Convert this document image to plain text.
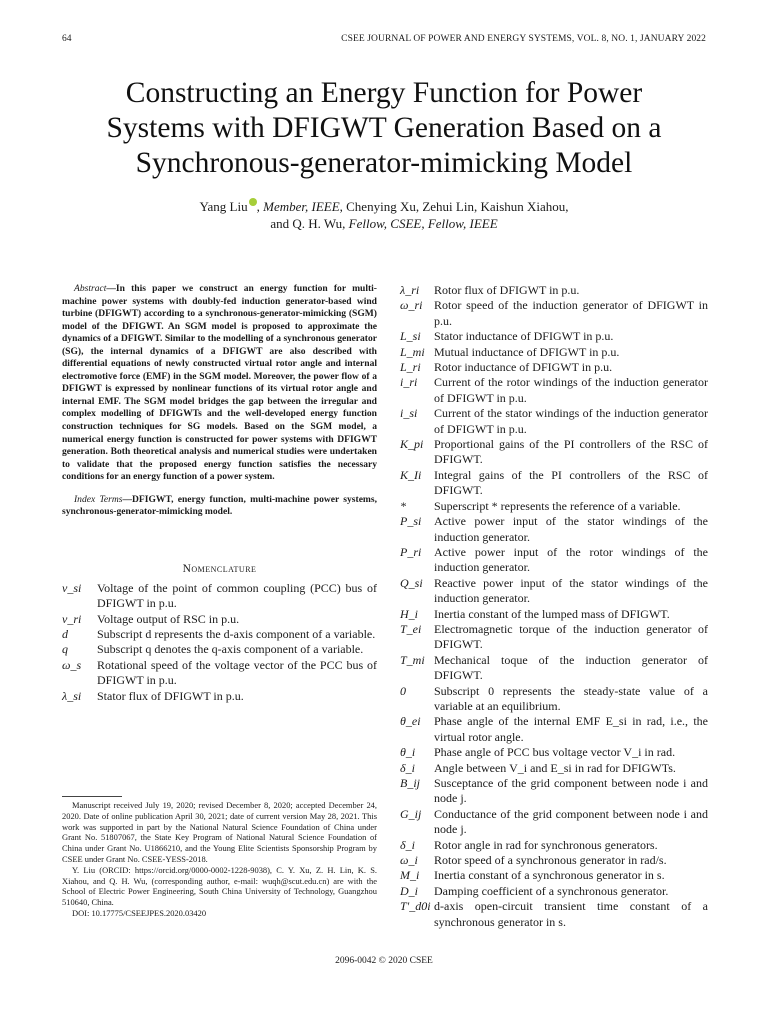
64	CSEE JOURNAL OF POWER AND ENERGY SYSTEMS, VOL. 8, NO. 1, JANUARY 2022
Constructing an Energy Function for Power
Systems with DFIGWT Generation Based on a
Synchronous-generator-mimicking Model
Yang Liu , Member, IEEE, Chenying Xu, Zehui Lin, Kaishun Xiahou,
and Q. H. Wu, Fellow, CSEE, Fellow, IEEE

Abstract—In this paper we construct an energy function for multi-machine power systems with doubly-fed induction generator-based wind turbine (DFIGWT) according to a synchronous-generator-mimicking (SGM) model of the DFIGWT. An SGM model is proposed to approximate the dynamics of a DFIGWT. Similar to the modelling of a synchronous generator (SG), the internal dynamics of a DFIGWT are also described with differential equations of newly constructed virtual rotor angle and internal electromotive force (EMF) in the SGM model. Moreover, the power flow of a DFIGWT is expressed by nonlinear functions of its virtual rotor angle and internal EMF. The SGM model bridges the gap between the irregular and complex modelling of DFIGWTs and the well-developed energy function construction techniques for SG models. Based on the SGM model, a numerical energy function is constructed for power systems with DFIGWT generation. Both theoretical analysis and numerical studies were undertaken to validate that the proposed energy function satisfies the necessary conditions for an energy function of a power system.

Index Terms—DFIGWT, energy function, multi-machine power systems, synchronous-generator-mimicking model.

Nomenclature
v_si	Voltage of the point of common coupling (PCC) bus of DFIGWT in p.u.
v_ri	Voltage output of RSC in p.u.
d	Subscript d represents the d-axis component of a variable.
q	Subscript q denotes the q-axis component of a variable.
ω_s	Rotational speed of the voltage vector of the PCC bus of DFIGWT in p.u.
λ_si	Stator flux of DFIGWT in p.u.
λ_ri	Rotor flux of DFIGWT in p.u.
ω_ri Rotor speed of the induction generator of DFIGWT in p.u.
L_si	Stator inductance of DFIGWT in p.u.
L_mi Mutual inductance of DFIGWT in p.u.
L_ri	Rotor inductance of DFIGWT in p.u.
i_ri	Current of the rotor windings of the induction generator of DFIGWT in p.u.
i_si	Current of the stator windings of the induction generator of DFIGWT in p.u.
K_pi Proportional gains of the PI controllers of the RSC of DFIGWT.
K_Ii	Integral gains of the PI controllers of the RSC of DFIGWT.
*	Superscript * represents the reference of a variable.
P_si	Active power input of the stator windings of the induction generator.
P_ri	Active power input of the rotor windings of the induction generator.
Q_si Reactive power input of the stator windings of the induction generator.
H_i	Inertia constant of the lumped mass of DFIGWT.
T_ei	Electromagnetic torque of the induction generator of DFIGWT.
T_mi Mechanical toque of the induction generator of DFIGWT.
0	Subscript 0 represents the steady-state value of a variable at an equilibrium.
θ_ei	Phase angle of the internal EMF E_si in rad, i.e., the virtual rotor angle.
θ_i	Phase angle of PCC bus voltage vector V_i in rad.
δ_i	Angle between V_i and E_si in rad for DFIGWTs.
B_ij	Susceptance of the grid component between node i and node j.
G_ij	Conductance of the grid component between node i and node j.
δ_i	Rotor angle in rad for synchronous generators.
ω_i	Rotor speed of a synchronous generator in rad/s.
M_i	Inertia constant of a synchronous generator in s.
D_i	Damping coefficient of a synchronous generator.
T'_d0i d-axis open-circuit transient time constant of a synchronous generator in s.

Manuscript received July 19, 2020; revised December 8, 2020; accepted December 24, 2020. Date of online publication April 30, 2021; date of current version May 28, 2021. This work was supported in part by the National Natural Science Foundation of China under Grant No. 51807067, the State Key Program of National Natural Science Foundation of China under Grant No. U1866210, and the Young Elite Scientists Sponsorship Program by CSEE under Grant No. CSEE-YESS-2018.

Y. Liu (ORCID: https://orcid.org/0000-0002-1228-9038), C. Y. Xu, Z. H. Lin, K. S. Xiahou, and Q. H. Wu, (corresponding author, e-mail: wuqh@scut.edu.cn) are with the School of Electric Power Engineering, South China University of Technology, Guangzhou 510640, China.

DOI: 10.17775/CSEEJPES.2020.03420

2096-0042 © 2020 CSEE
